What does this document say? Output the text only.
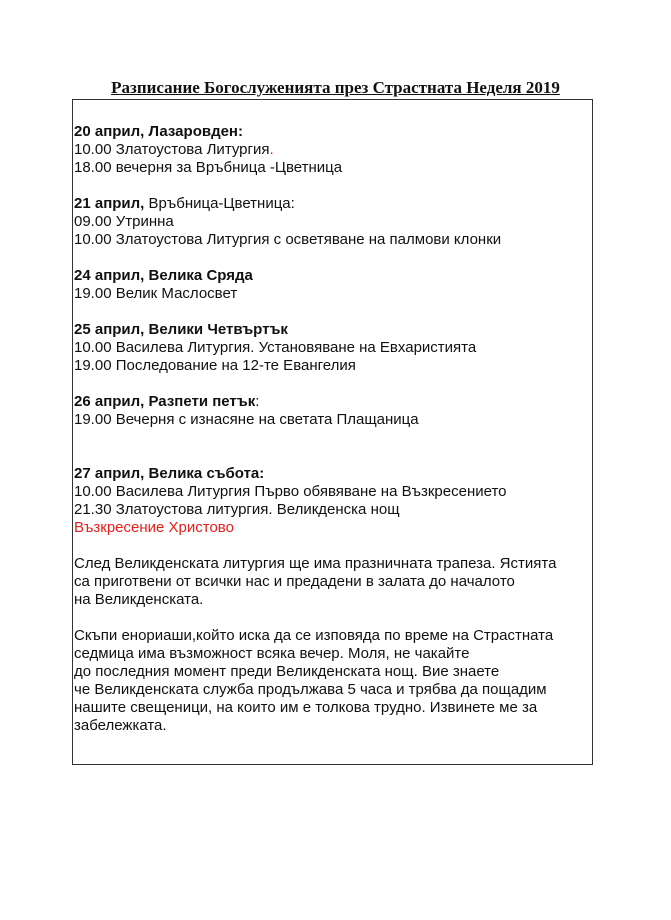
Разписание Богослуженията през Страстната Неделя 2019
20 април, Лазаровден:
10.00 Златоустова Литургия.
18.00 вечерня за Връбница -Цветница
21 април, Връбница-Цветница:
09.00 Утринна
10.00 Златоустова Литургия с осветяване на палмови клонки
24 април, Велика Сряда
19.00 Велик Маслосвет
25 април, Велики Четвъртък
10.00 Василева Литургия. Установяване на Евхаристията
19.00 Последование на 12-те Евангелия
26 април, Разпети петък:
19.00 Вечерня с изнасяне на светата Плащаница
27 април, Велика събота:
10.00 Василева Литургия Първо обявяване на Възкресението
21.30 Златоустова литургия. Великденска нощ
Възкресение Христово
След Великденската литургия ще има празничната трапеза. Ястията
са приготвени от всички нас и предадени в залата до началото
на Великденската.
Скъпи енориаши,който иска да се изповядa по време на Страстната
седмица има възможност всяка вечер. Моля, не чакайте
до последния момент преди Великденската нощ. Вие знаете
че Великденската служба продължава 5 часа и трябва да пощадим
нашите свещеници, на които им е толкова трудно. Извинете ме за
забележката.
